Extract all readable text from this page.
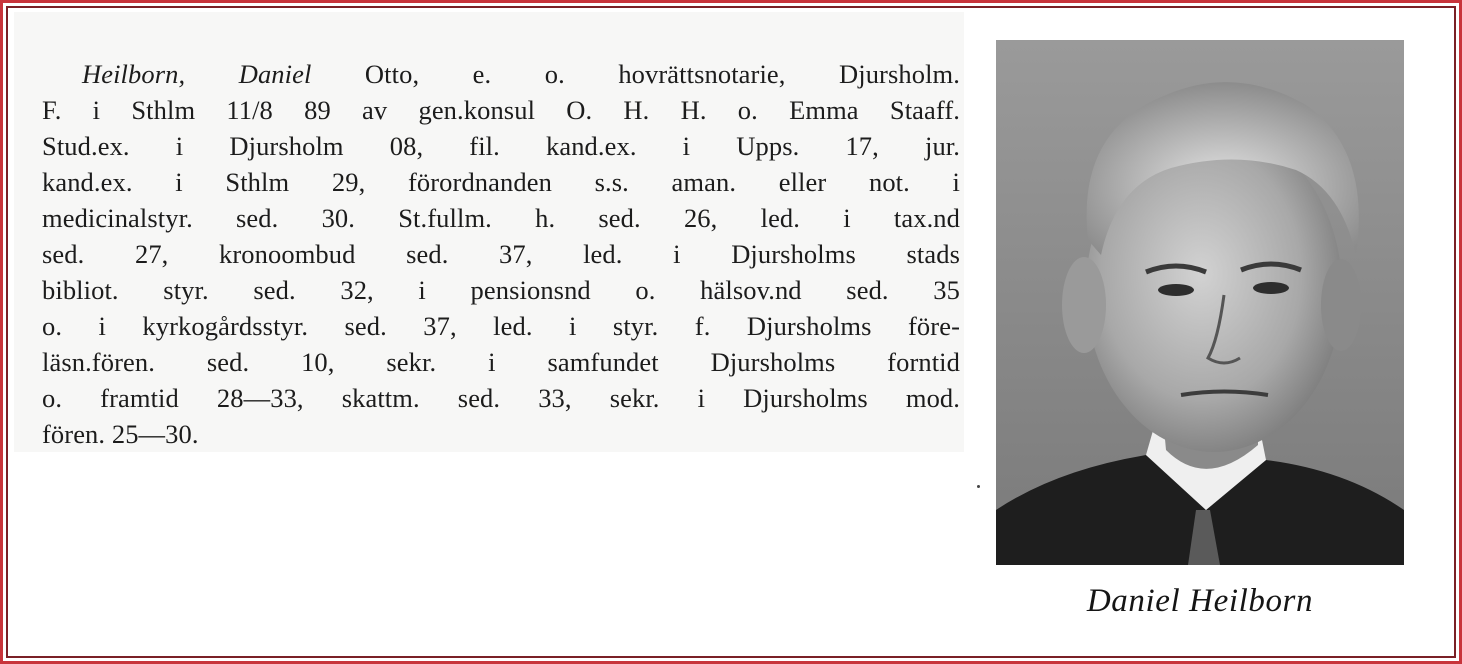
Heilborn, Daniel Otto, e. o. hovrättsnotarie, Djursholm.
F. i Sthlm 11/8 89 av gen.konsul O. H. H. o. Emma Staaff.
Stud.ex. i Djursholm 08, fil. kand.ex. i Upps. 17, jur.
kand.ex. i Sthlm 29, förordnanden s.s. aman. eller not. i
medicinalstyr. sed. 30. St.fullm. h. sed. 26, led. i tax.nd
sed. 27, kronoombud sed. 37, led. i Djursholms stads
bibliot. styr. sed. 32, i pensionsnd o. hälsov.nd sed. 35
o. i kyrkogårdsstyr. sed. 37, led. i styr. f. Djursholms före-
läsn.fören. sed. 10, sekr. i samfundet Djursholms forntid
o. framtid 28—33, skattm. sed. 33, sekr. i Djursholms mod.
fören. 25—30.
Daniel Heilborn
